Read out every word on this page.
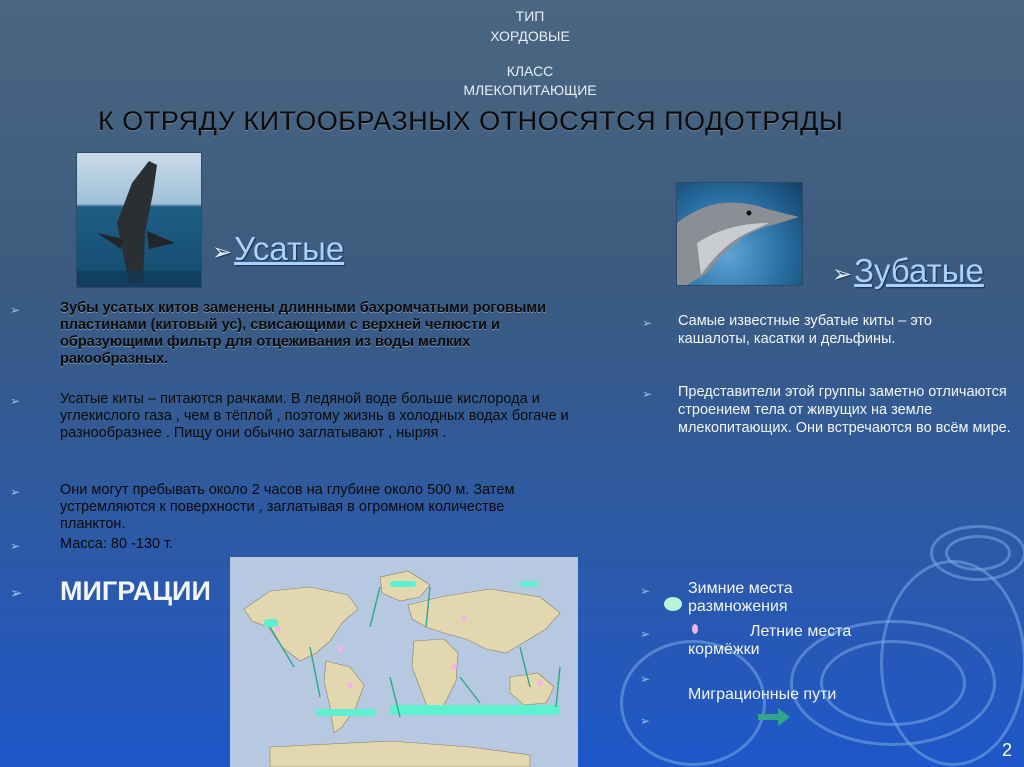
ТИП
ХОРДОВЫЕ
КЛАСС
МЛЕКОПИТАЮЩИЕ
К ОТРЯДУ КИТООБРАЗНЫХ ОТНОСЯТСЯ ПОДОТРЯДЫ
➢Усатые
➢	Зубы усатых китов заменены длинными бахромчатыми роговыми пластинами (китовый ус), свисающими с верхней челюсти и образующими фильтр для отцеживания из воды мелких ракообразных.
➢	Усатые киты – питаются рачками. В ледяной воде больше кислорода и углекислого газа , чем в тёплой , поэтому жизнь в холодных водах богаче и разнообразнее . Пищу они обычно заглатывают , ныряя .
➢	Они могут пребывать около 2 часов на глубине около 500 м. Затем устремляются к поверхности , заглатывая в огромном количестве планктон.
➢	Масса: 80 -130 т.
➢Зубатые
➢ Самые известные зубатые киты – это кашалоты, касатки и дельфины.
➢ Представители этой группы заметно отличаются строением тела от живущих на земле млекопитающих. Они встречаются во всём мире.
➢ МИГРАЦИИ	➢ Зимние места размножения
➢	Летние места кормёжки
➢
Миграционные пути
➢
2
